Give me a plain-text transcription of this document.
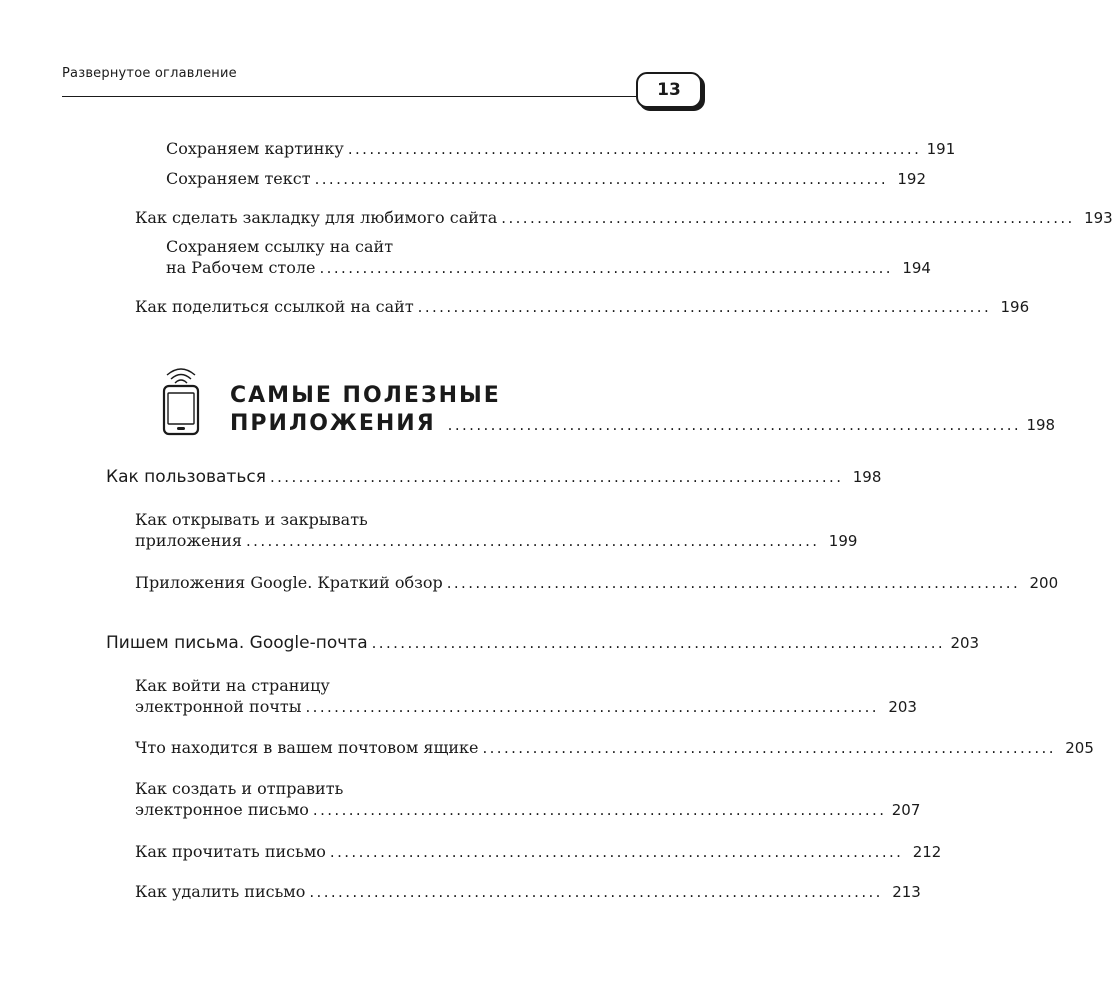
Развернутое оглавление
13
Сохраняем картинку ................................................................................ 191
Сохраняем текст ................................................................................ 192
Как сделать закладку для любимого сайта ................................................................................ 193
Сохраняем ссылку на сайт
на Рабочем столе ................................................................................ 194
Как поделиться ссылкой на сайт ................................................................................ 196
САМЫЕ ПОЛЕЗНЫЕ
ПРИЛОЖЕНИЯ ................................................................................ 198
Как пользоваться ................................................................................ 198
Как открывать и закрывать
приложения ................................................................................ 199
Приложения Google. Краткий обзор ................................................................................ 200
Пишем письма. Google-почта ................................................................................ 203
Как войти на страницу
электронной почты ................................................................................ 203
Что находится в вашем почтовом ящике ................................................................................ 205
Как создать и отправить
электронное письмо ................................................................................ 207
Как прочитать письмо ................................................................................ 212
Как удалить письмо ................................................................................ 213
